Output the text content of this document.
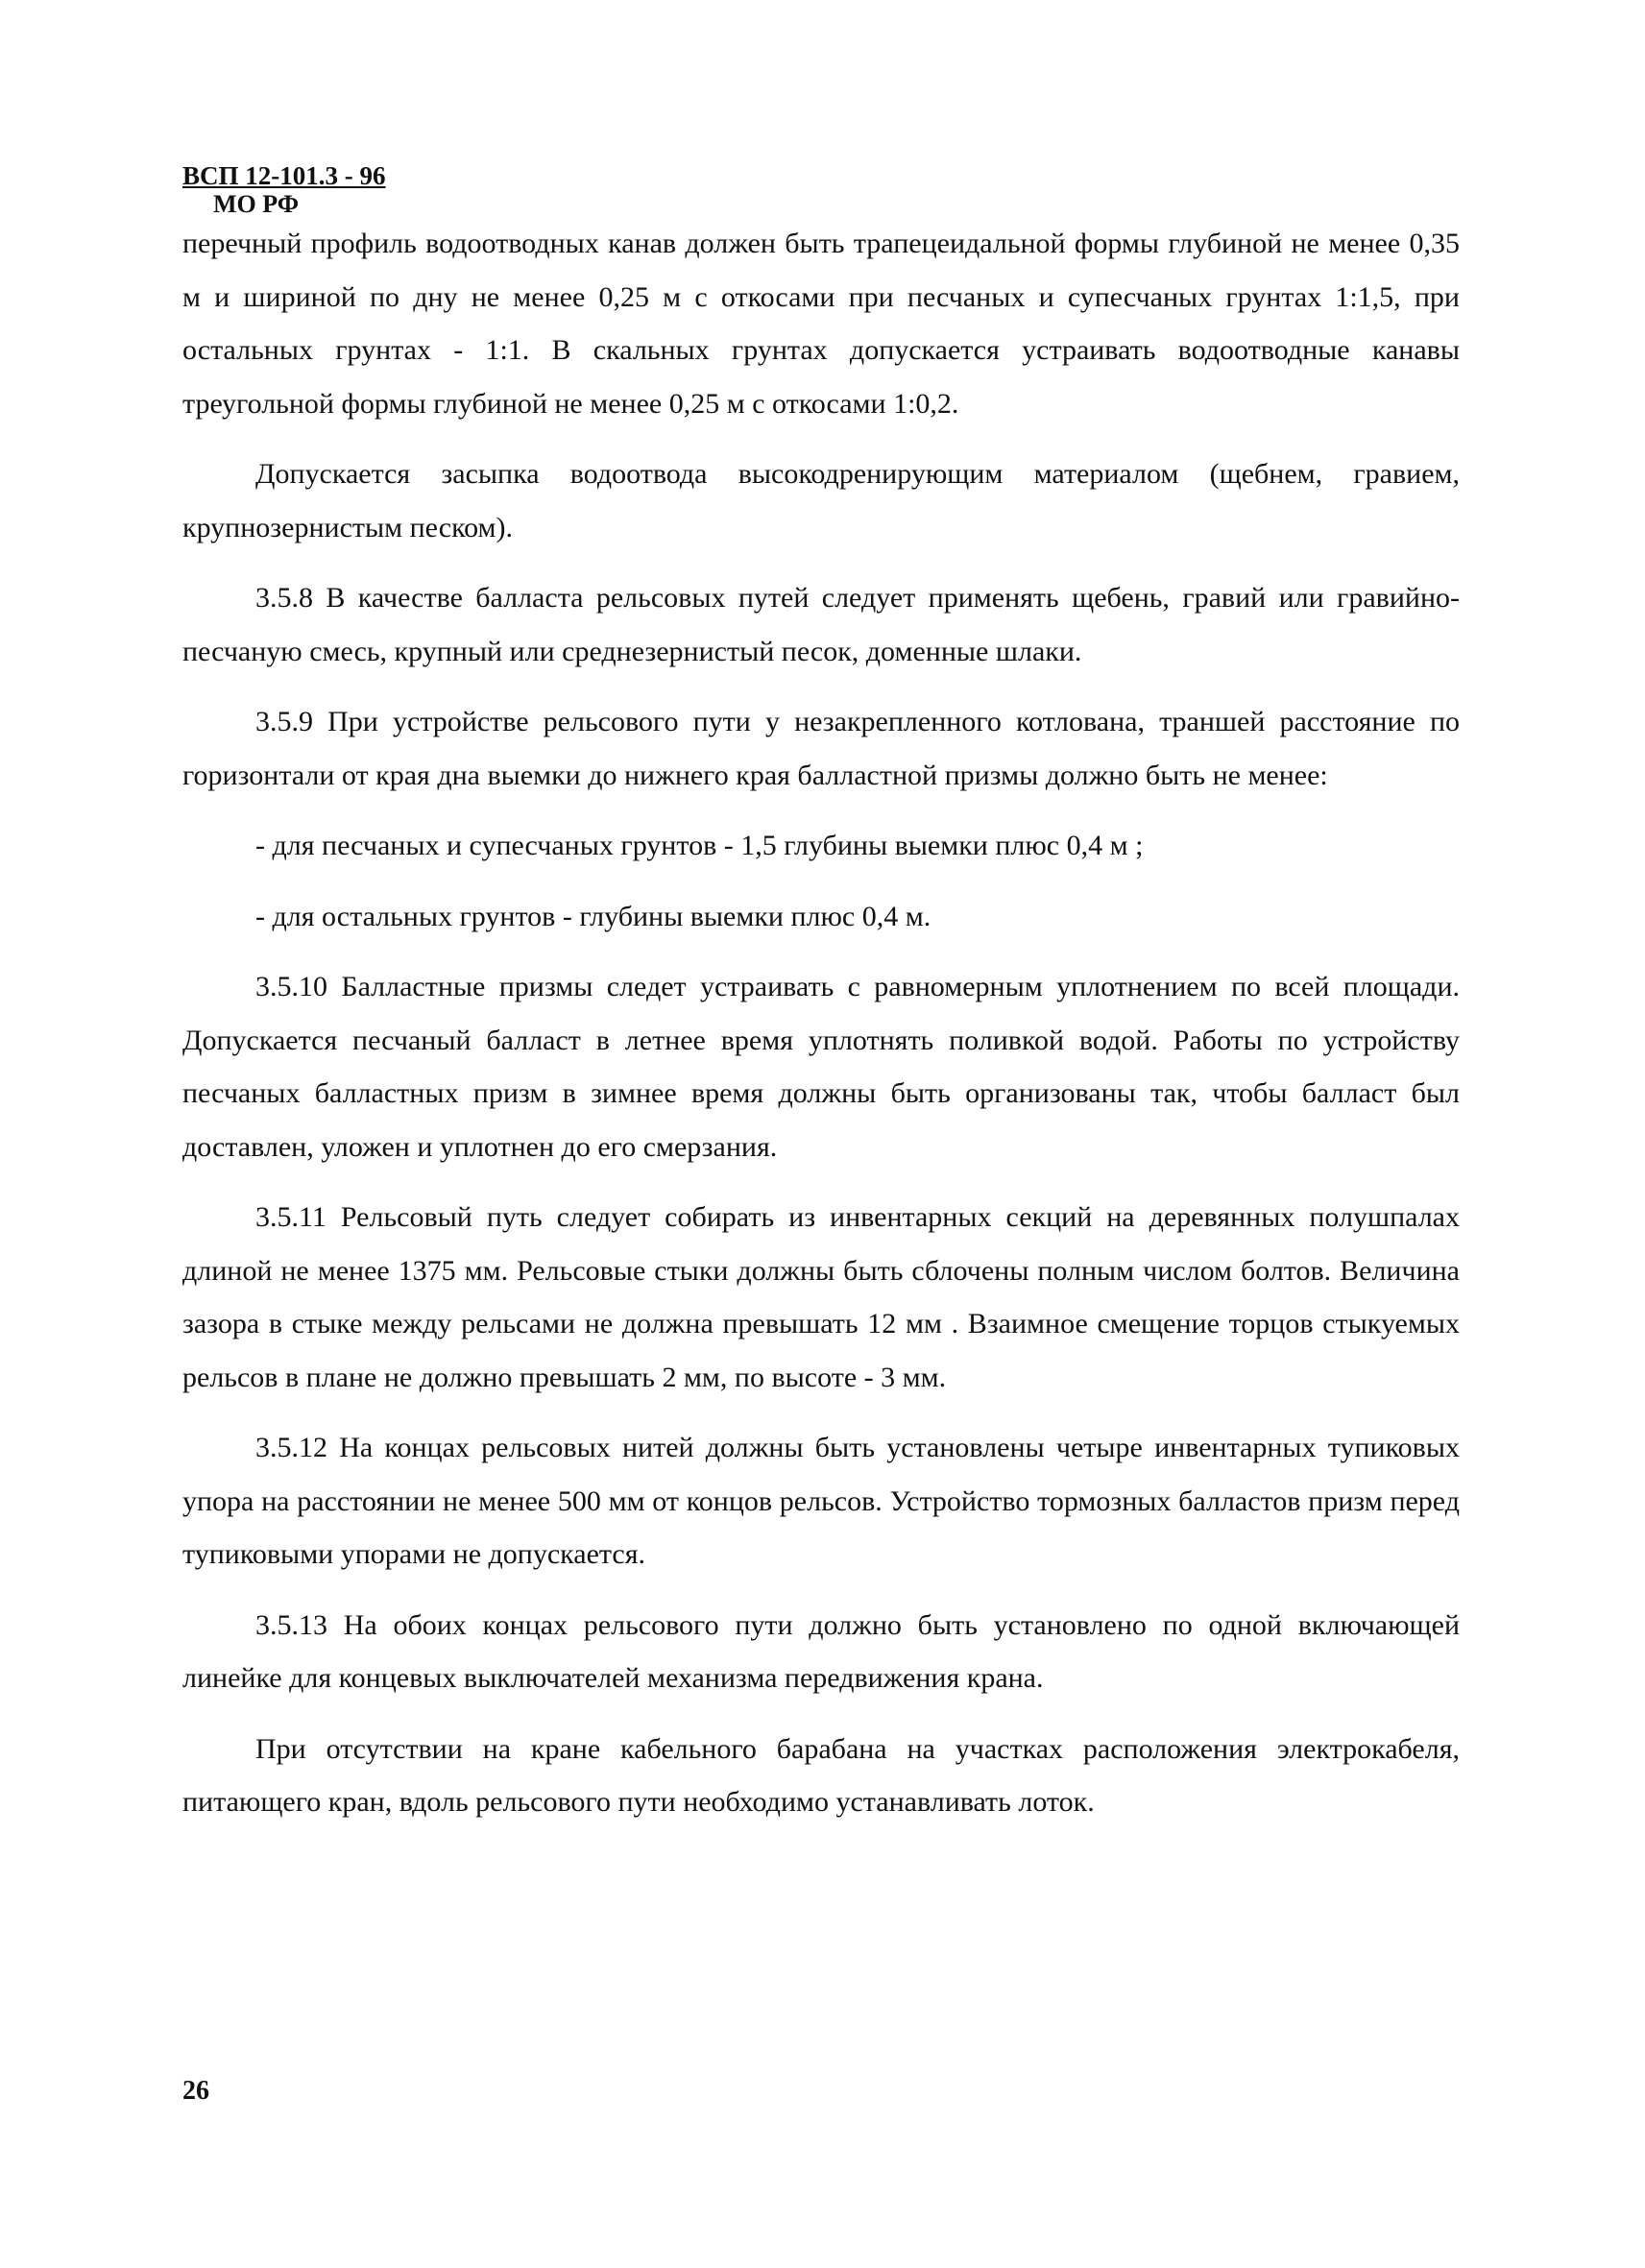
ВСП 12-101.3 - 96
МО РФ

перечный профиль водоотводных канав должен быть трапецеидальной формы глубиной не менее 0,35 м и шириной по дну не менее 0,25 м с откосами при песчаных и супесчаных грунтах 1:1,5, при остальных грунтах - 1:1. В скальных грунтах допускается устраивать водоотводные канавы треугольной формы глубиной не менее 0,25 м с откосами 1:0,2.

Допускается засыпка водоотвода высокодренирующим материалом (щебнем, гравием, крупнозернистым песком).

3.5.8 В качестве балласта рельсовых путей следует применять щебень, гравий или гравийно-песчаную смесь, крупный или среднезернистый песок, доменные шлаки.

3.5.9 При устройстве рельсового пути у незакрепленного котлована, траншей расстояние по горизонтали от края дна выемки до нижнего края балластной призмы должно быть не менее:

- для песчаных и супесчаных грунтов - 1,5 глубины выемки плюс 0,4 м ;

- для остальных грунтов - глубины выемки плюс 0,4 м.

3.5.10 Балластные призмы следет устраивать с равномерным уплотнением по всей площади. Допускается песчаный балласт в летнее время уплотнять поливкой водой. Работы по устройству песчаных балластных призм в зимнее время должны быть организованы так, чтобы балласт был доставлен, уложен и уплотнен до его смерзания.

3.5.11 Рельсовый путь следует собирать из инвентарных секций на деревянных полушпалах длиной не менее 1375 мм. Рельсовые стыки должны быть сблочены полным числом болтов. Величина зазора в стыке между рельсами не должна превышать 12 мм . Взаимное смещение торцов стыкуемых рельсов в плане не должно превышать 2 мм, по высоте - 3 мм.

3.5.12 На концах рельсовых нитей должны быть установлены четыре инвентарных тупиковых упора на расстоянии не менее 500 мм от концов рельсов. Устройство тормозных балластов призм перед тупиковыми упорами не допускается.

3.5.13 На обоих концах рельсового пути должно быть установлено по одной включающей линейке для концевых выключателей механизма передвижения крана.

При отсутствии на кране кабельного барабана на участках расположения электрокабеля, питающего кран, вдоль рельсового пути необходимо устанавливать лоток.

26
